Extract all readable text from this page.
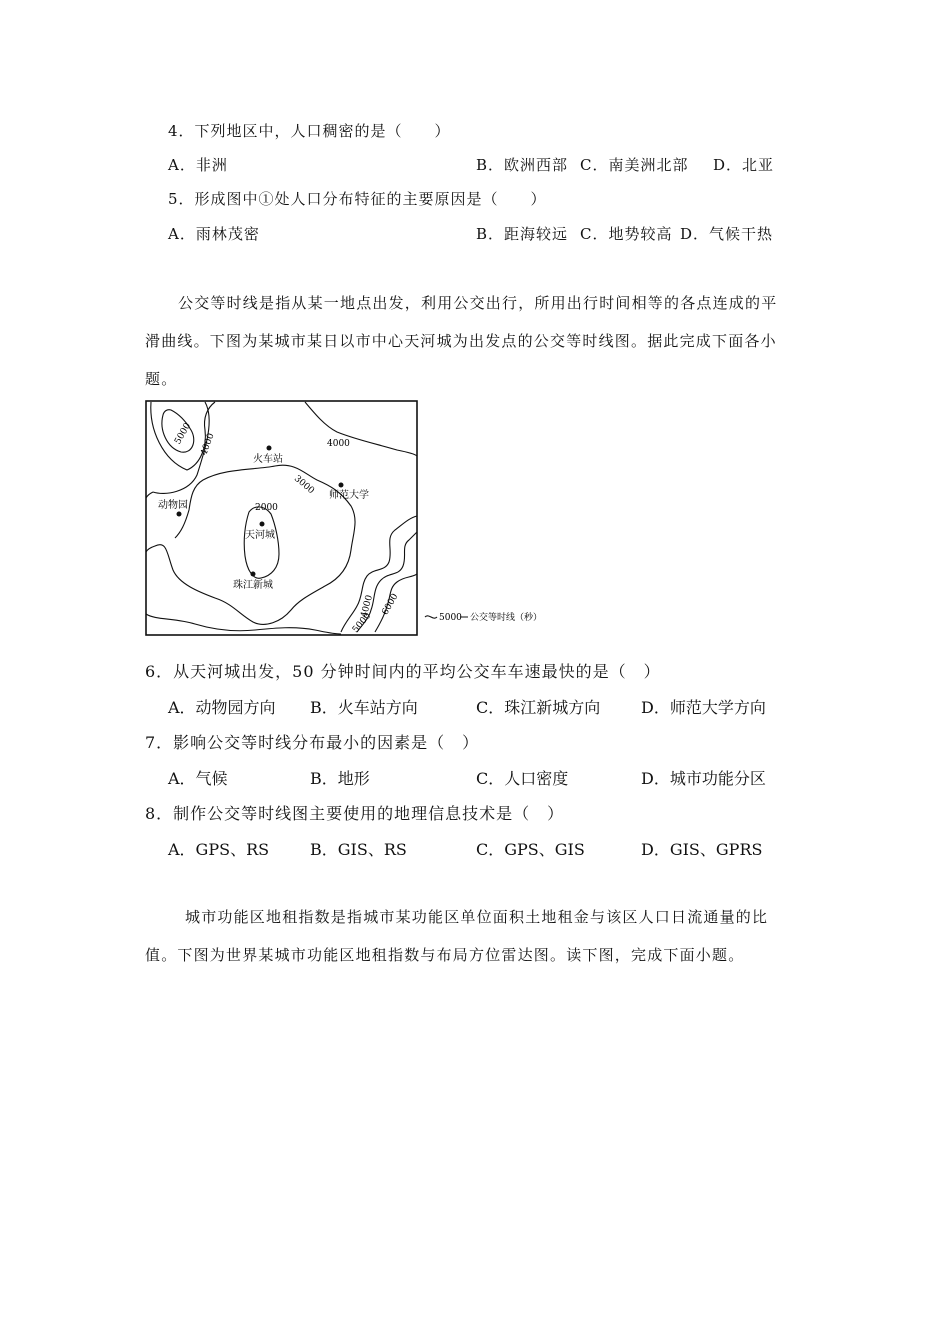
4．下列地区中，人口稠密的是（　　）
A．非洲	B．欧洲西部 C．南美洲北部 D．北亚
5．形成图中①处人口分布特征的主要原因是（　　）
A．雨林茂密	B．距海较远 C．地势较高 D．气候干热
公交等时线是指从某一地点出发，利用公交出行，所用出行时间相等的各点连成的平
滑曲线。下图为某城市某日以市中心天河城为出发点的公交等时线图。据此完成下面各小
题。
5000 4000	4000
3000
2000
4000
5000
6000
火车站
师范大学
动物园
天河城
珠江新城
5000 公交等时线（秒）
6．从天河城出发，50 分钟时间内的平均公交车车速最快的是（　）
A．动物园方向 B．火车站方向	C．珠江新城方向	D．师范大学方向
7．影响公交等时线分布最小的因素是（　）
A．气候	B．地形	C．人口密度	D．城市功能分区
8．制作公交等时线图主要使用的地理信息技术是（　）
A．GPS、RS	B．GIS、RS	C．GPS、GIS	D．GIS、GPRS
城市功能区地租指数是指城市某功能区单位面积土地租金与该区人口日流通量的比
值。下图为世界某城市功能区地租指数与布局方位雷达图。读下图，完成下面小题。
